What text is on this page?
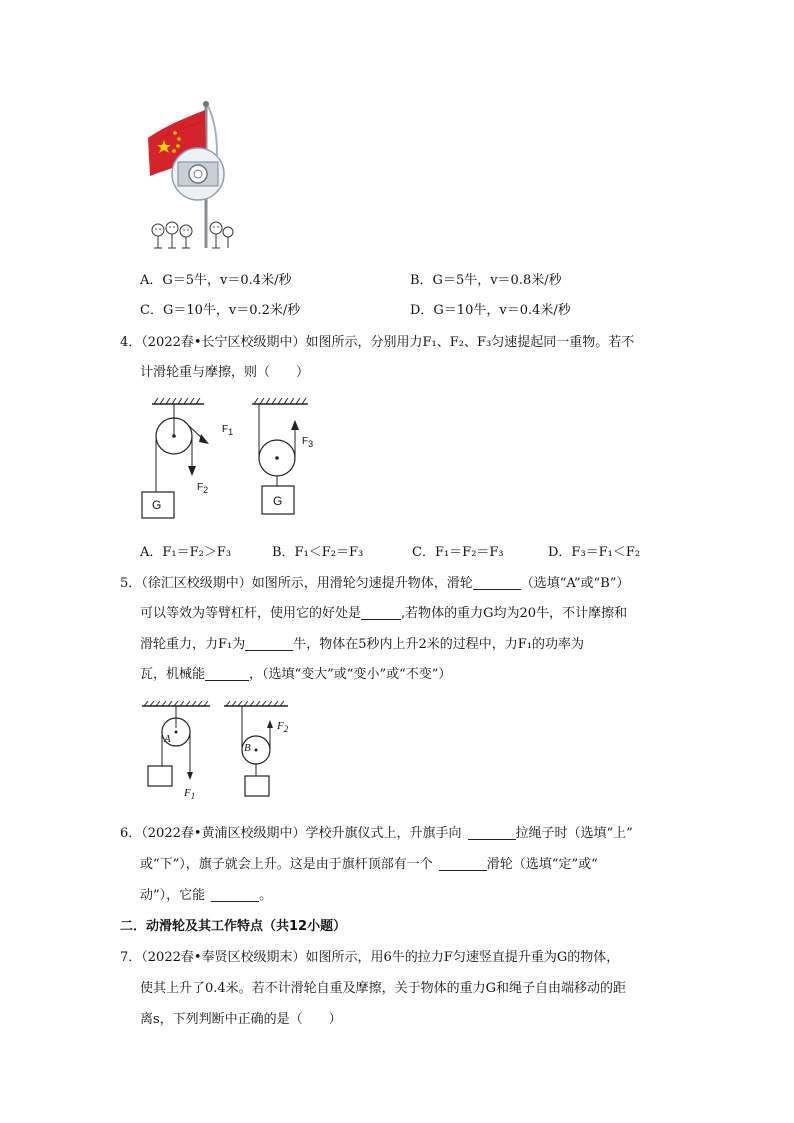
A．G＝5牛，v＝0.4米/秒	B．G＝5牛，v＝0.8米/秒
C．G＝10牛，v＝0.2米/秒	D．G＝10牛，v＝0.4米/秒
4．（2022春•长宁区校级期中）如图所示，分别用力F₁、F₂、F₃匀速提起同一重物。若不
计滑轮重与摩擦，则（　　）
F1
F2
F3
G	G
A．F₁＝F₂＞F₃	B．F₁＜F₂＝F₃	C．F₁＝F₂＝F₃	D．F₃＝F₁＜F₂
5．（徐汇区校级期中）如图所示，用滑轮匀速提升物体，滑轮	（选填“A”或“B”）
可以等效为等臂杠杆，使用它的好处是	,若物体的重力G均为20牛，不计摩擦和
滑轮重力，力F₁为	牛，物体在5秒内上升2米的过程中，力F₁的功率为
瓦，机械能	，（选填“变大”或“变小”或“不变”）
A
B
$F_1$
$F_2$
6．（2022春•黄浦区校级期中）学校升旗仪式上，升旗手向	拉绳子时（选填“上”
或“下”），旗子就会上升。这是由于旗杆顶部有一个	滑轮（选填“定”或“
动”），它能	。
二．动滑轮及其工作特点（共12小题）
7．（2022春•奉贤区校级期末）如图所示，用6牛的拉力F匀速竖直提升重为G的物体，
使其上升了0.4米。若不计滑轮自重及摩擦，关于物体的重力G和绳子自由端移动的距
离s，下列判断中正确的是（　　）
